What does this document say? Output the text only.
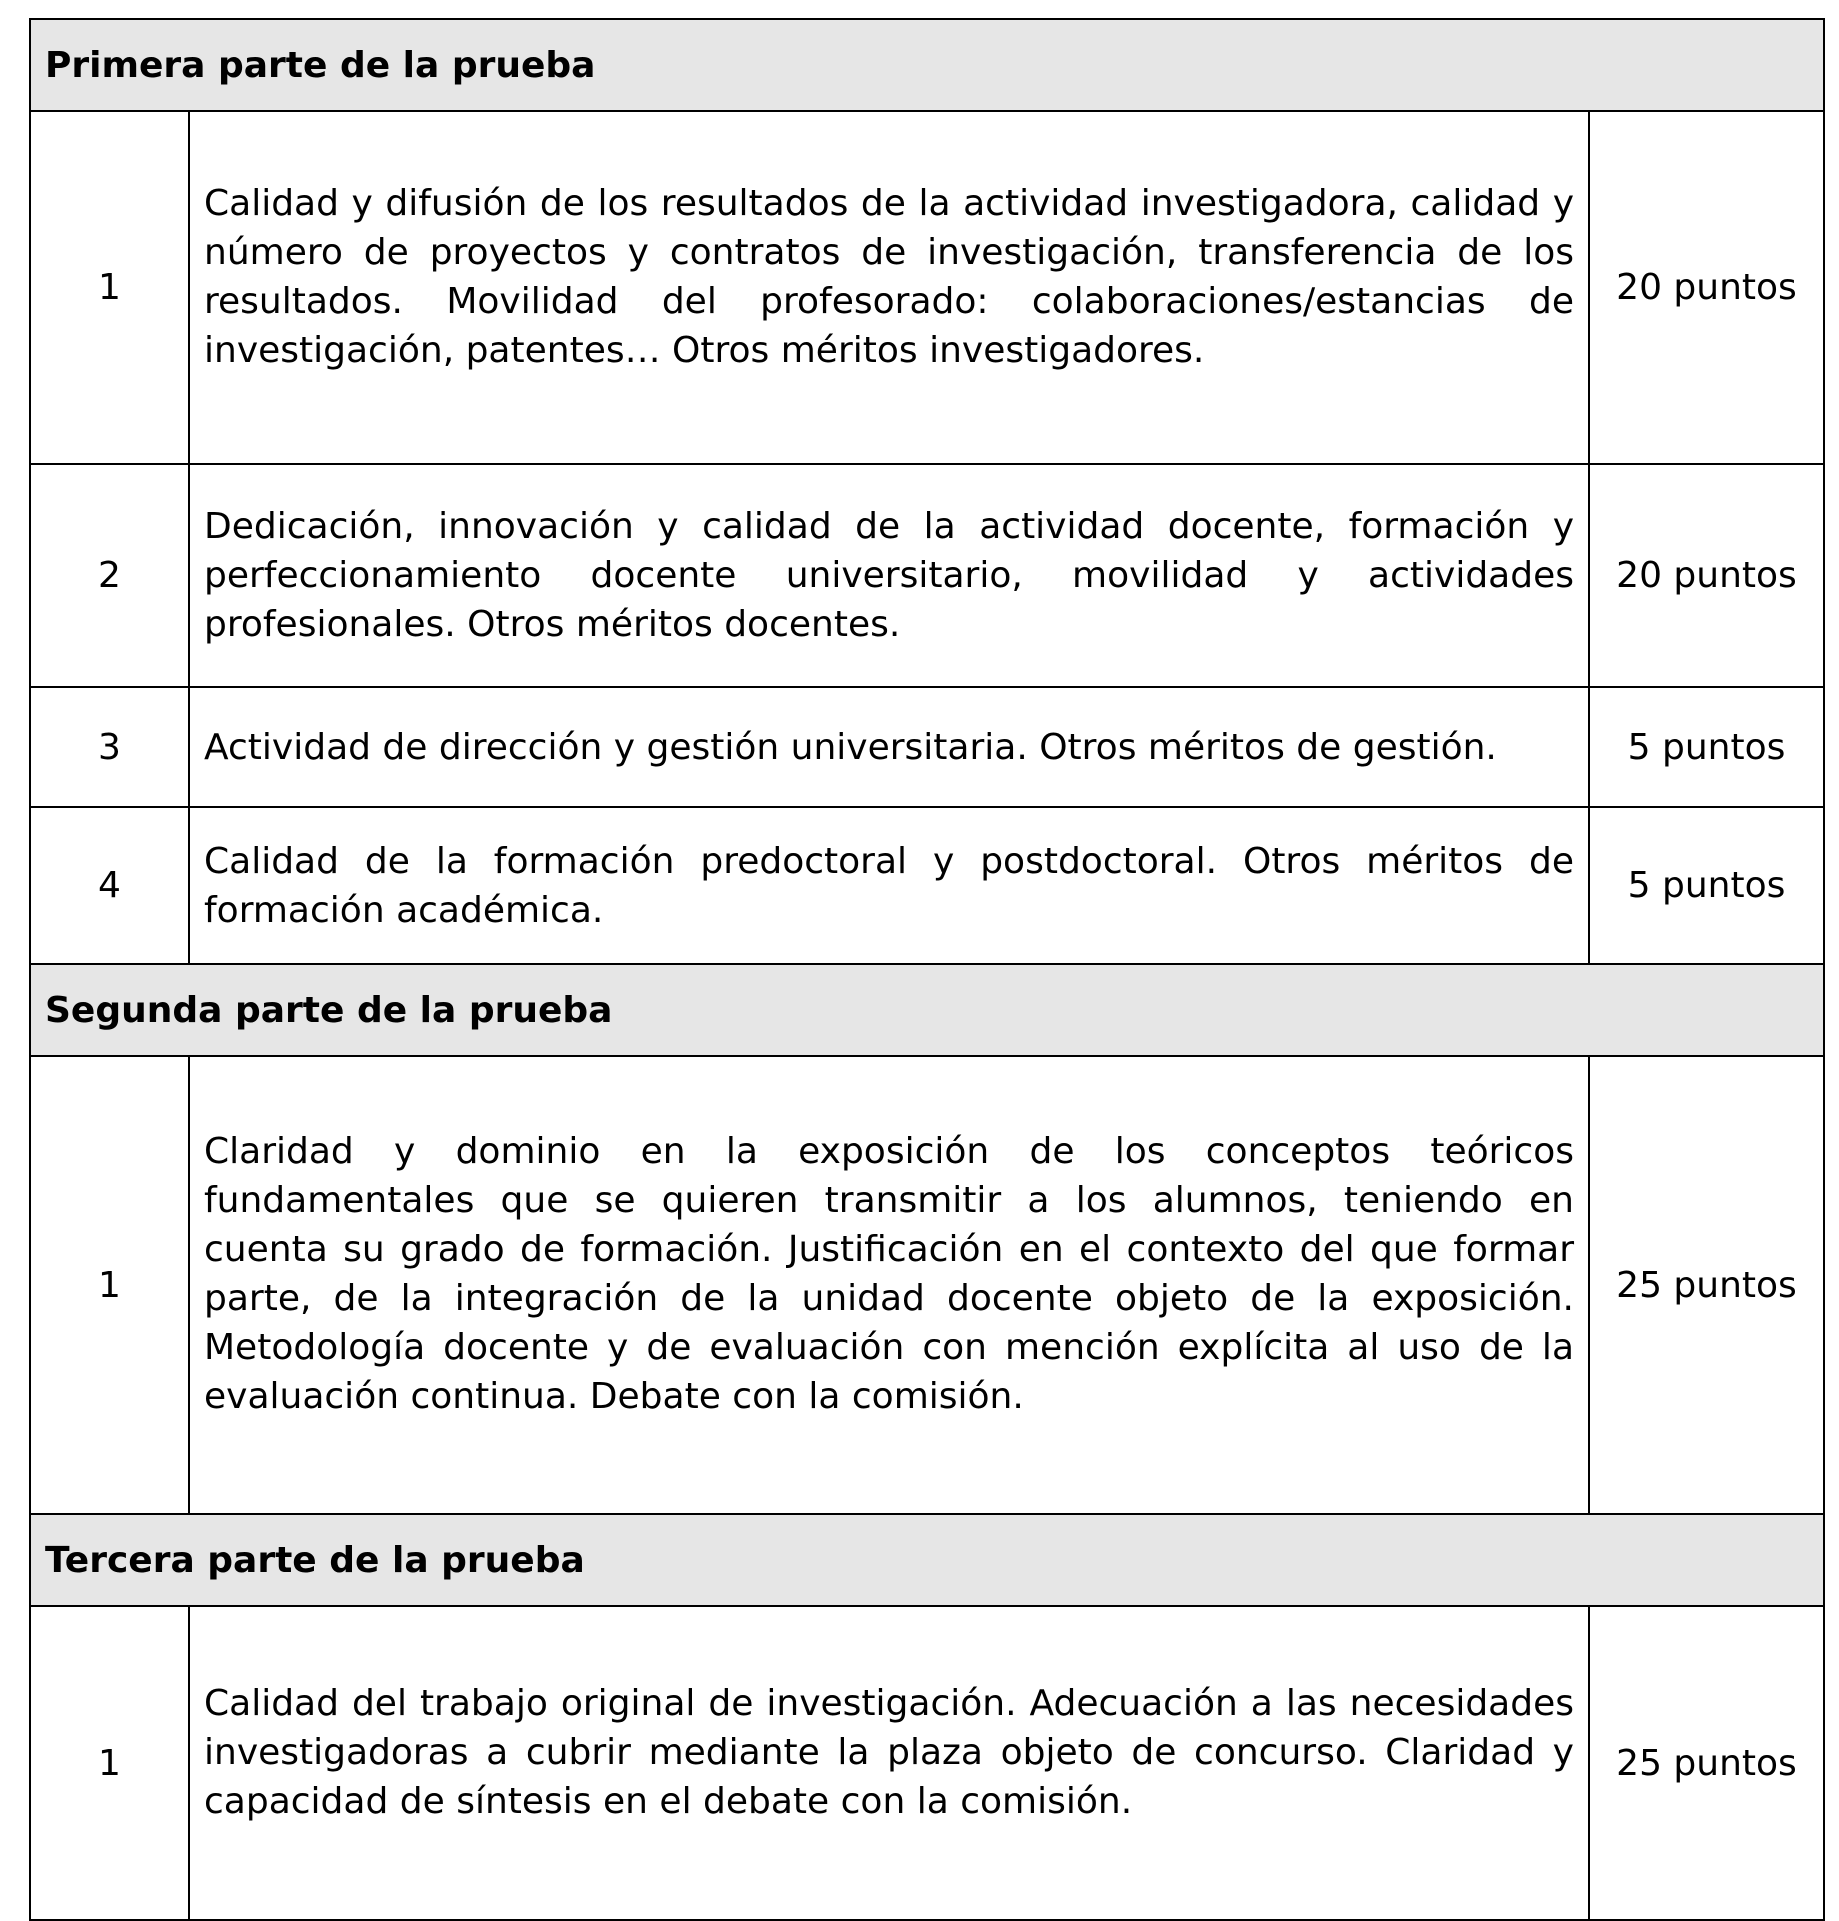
Primera parte de la prueba		
1	Calidad y difusión de los resultados de la actividad investigadora, calidad y número de proyectos y contratos de investigación, transferencia de los resultados. Movilidad del profesorado: colaboraciones/estancias de investigación, patentes… Otros méritos investigadores.	20 puntos
2	Dedicación, innovación y calidad de la actividad docente, formación y perfeccionamiento docente universitario, movilidad y actividades profesionales. Otros méritos docentes.	20 puntos
3	Actividad de dirección y gestión universitaria. Otros méritos de gestión.	5 puntos
4	Calidad de la formación predoctoral y postdoctoral. Otros méritos de formación académica.	5 puntos
Segunda parte de la prueba		
1	Claridad y dominio en la exposición de los conceptos teóricos fundamentales que se quieren transmitir a los alumnos, teniendo en cuenta su grado de formación. Justificación en el contexto del que formar parte, de la integración de la unidad docente objeto de la exposición. Metodología docente y de evaluación con mención explícita al uso de la evaluación continua. Debate con la comisión.	25 puntos
Tercera parte de la prueba		
1	Calidad del trabajo original de investigación. Adecuación a las necesidades investigadoras a cubrir mediante la plaza objeto de concurso. Claridad y capacidad de síntesis en el debate con la comisión.	25 puntos
